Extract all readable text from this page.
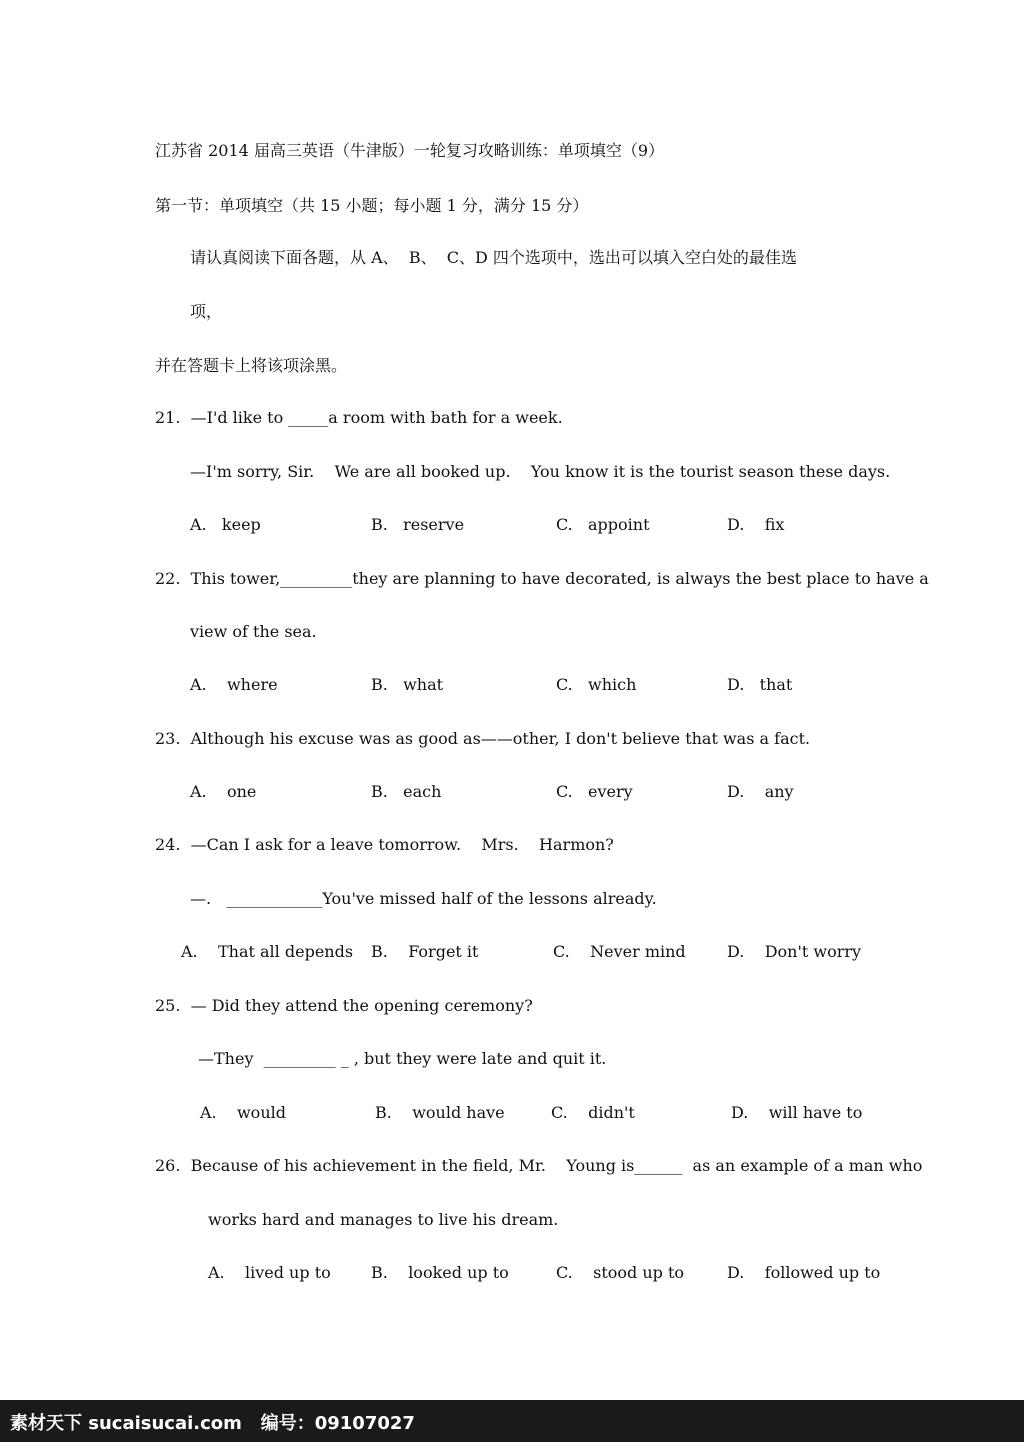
江苏省 2014 届高三英语（牛津版）一轮复习攻略训练：单项填空（9）
第一节：单项填空（共 15 小题；每小题 1 分，满分 15 分）
请认真阅读下面各题，从 A、  B、  C、D 四个选项中，选出可以填入空白处的最佳选
项，
并在答题卡上将该项涂黑。
21.  —I'd like to _____a room with bath for a week.
—I'm sorry, Sir.    We are all booked up.    You know it is the tourist season these days.
A.   keep	B.   reserve	C.   appoint	D.    fix
22.  This tower,_________they are planning to have decorated, is always the best place to have a
view of the sea.
A.    where	B.   what	C.   which	D.   that
23.  Although his excuse was as good as——other, I don't believe that was a fact.
A.    one	B.   each	C.   every	D.    any
24.  —Can I ask for a leave tomorrow.    Mrs.    Harmon?
—.   ____________You've missed half of the lessons already.
A.    That all depends B.    Forget it	C.    Never mind	D.    Don't worry
25.  — Did they attend the opening ceremony?
—They  _________ _ , but they were late and quit it.
A.    would	B.    would have	C.    didn't	D.    will have to
26.  Because of his achievement in the field, Mr.    Young is______  as an example of a man who
works hard and manages to live his dream.
A.    lived up to	B.    looked up to	C.    stood up to	D.    followed up to
素材天下 sucaisucai.com   编号：09107027
